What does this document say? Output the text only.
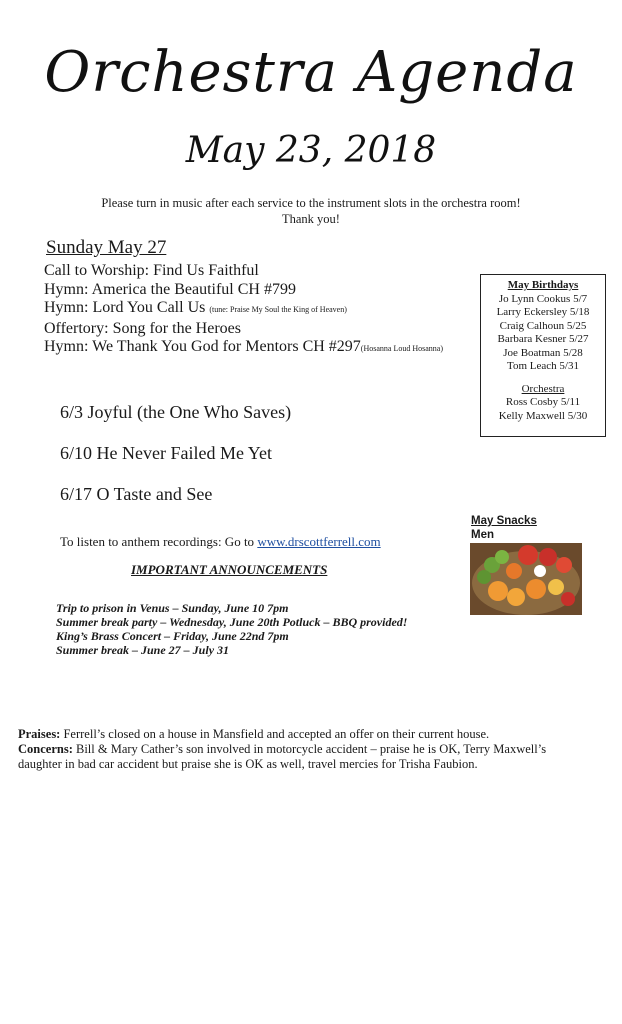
Orchestra Agenda
May 23, 2018
Please turn in music after each service to the instrument slots in the orchestra room!
Thank you!
Sunday May 27
Call to Worship: Find Us Faithful
Hymn: America the Beautiful CH #799
Hymn: Lord You Call Us (tune: Praise My Soul the King of Heaven)
Offertory: Song for the Heroes
Hymn: We Thank You God for Mentors CH #297(Hosanna Loud Hosanna)
May Birthdays
Jo Lynn Cookus 5/7
Larry Eckersley 5/18
Craig Calhoun 5/25
Barbara Kesner 5/27
Joe Boatman 5/28
Tom Leach 5/31
Orchestra
Ross Cosby 5/11
Kelly Maxwell 5/30
6/3 Joyful (the One Who Saves)
6/10 He Never Failed Me Yet
6/17 O Taste and See
To listen to anthem recordings: Go to www.drscottferrell.com
May Snacks
Men
IMPORTANT ANNOUNCEMENTS
Trip to prison in Venus – Sunday, June 10 7pm
Summer break party – Wednesday, June 20th Potluck – BBQ provided!
King’s Brass Concert – Friday, June 22nd 7pm
Summer break – June 27 – July 31
Praises: Ferrell’s closed on a house in Mansfield and accepted an offer on their current house.
Concerns: Bill & Mary Cather’s son involved in motorcycle accident – praise he is OK, Terry Maxwell’s daughter in bad car accident but praise she is OK as well, travel mercies for Trisha Faubion.
